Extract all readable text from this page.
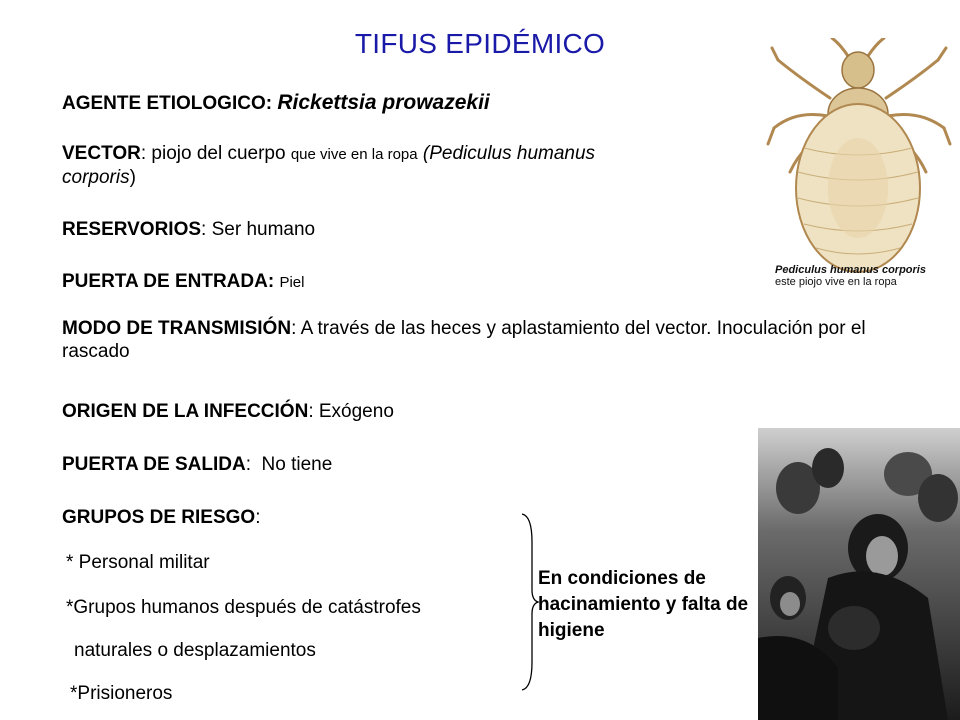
TIFUS EPIDÉMICO
AGENTE ETIOLOGICO: Rickettsia prowazekii
VECTOR: piojo del cuerpo que vive en la ropa (Pediculus humanus
corporis)
RESERVORIOS: Ser humano
PUERTA DE ENTRADA: Piel
MODO DE TRANSMISIÓN: A través de las heces y aplastamiento del vector. Inoculación por el rascado
ORIGEN DE LA INFECCIÓN: Exógeno
PUERTA DE SALIDA:  No tiene
GRUPOS DE RIESGO:
* Personal militar
*Grupos humanos después de catástrofes
naturales o desplazamientos
*Prisioneros
En condiciones de hacinamiento y falta de higiene
Pediculus humanus corporis
este piojo vive en la ropa
